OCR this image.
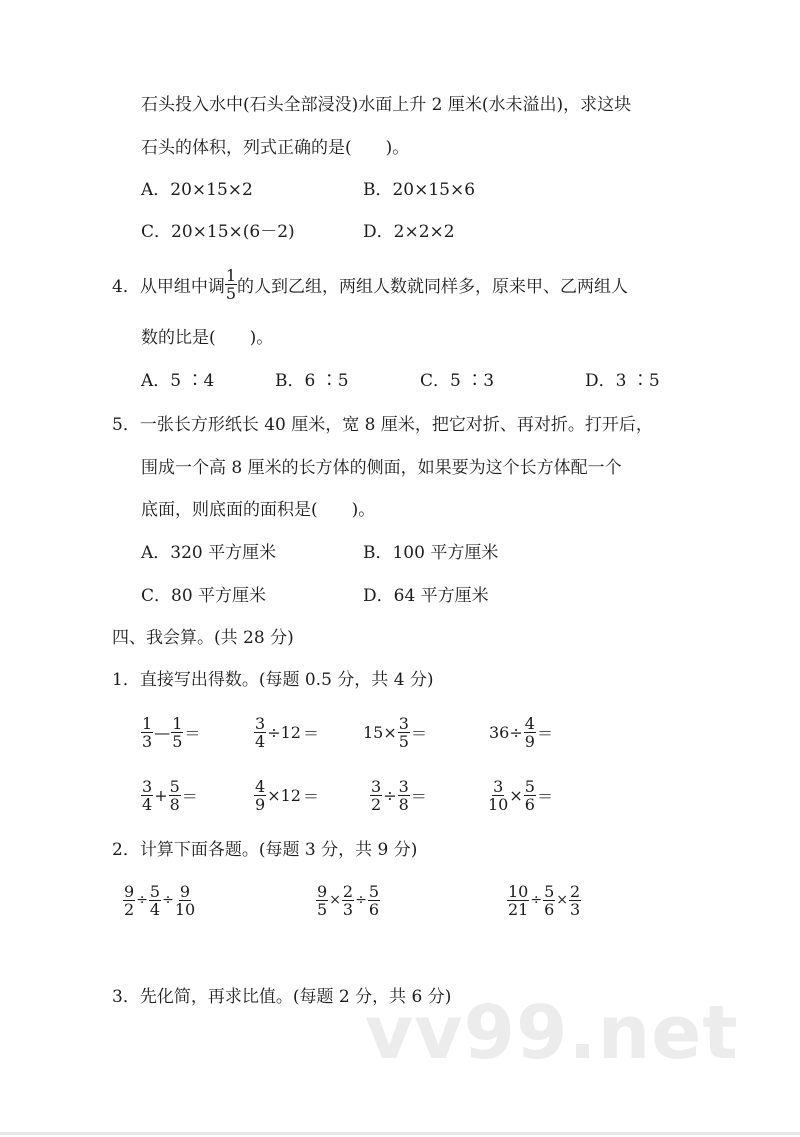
石头投入水中(石头全部浸没)水面上升 2 厘米(水未溢出)，求这块
石头的体积，列式正确的是(　　)。
A．20×15×2	B．20×15×6
C．20×15×(6－2)	D．2×2×2
4．从甲组中调 $\frac{1}{5}$ 的人到乙组，两组人数就同样多，原来甲、乙两组人
数的比是(　　)。
A．5 ∶4	B．6 ∶5	C．5 ∶3	D．3 ∶5
5．一张长方形纸长 40 厘米，宽 8 厘米，把它对折、再对折。打开后，
围成一个高 8 厘米的长方体的侧面，如果要为这个长方体配一个
底面，则底面的面积是(　　)。
A．320 平方厘米	B．100 平方厘米
C．80 平方厘米	D．64 平方厘米
四、我会算。(共 28 分)
1．直接写出得数。(每题 0.5 分，共 4 分)
$\frac{1}{3}$ — $\frac{1}{5}$ ＝	$\frac{3}{4} \div 12$ ＝	$15\times \frac{3}{5}$ ＝	$36\div \frac{4}{9}$ ＝
$\frac{3}{4} + \frac{5}{8}$ ＝	$\frac{4}{9} \times 12$ ＝	$\frac{3}{2} \div \frac{3}{8}$ ＝	$\frac{3}{10} \times \frac{5}{6}$ ＝
2．计算下面各题。(每题 3 分，共 9 分)
$\frac{9}{2} \div \frac{5}{4} \div \frac{9}{10}$	$\frac{9}{5} \times \frac{2}{3} \div \frac{5}{6}$	$\frac{10}{21} \div \frac{5}{6} \times \frac{2}{3}$
3．先化简，再求比值。(每题 2 分，共 6 分)
vv99.net
